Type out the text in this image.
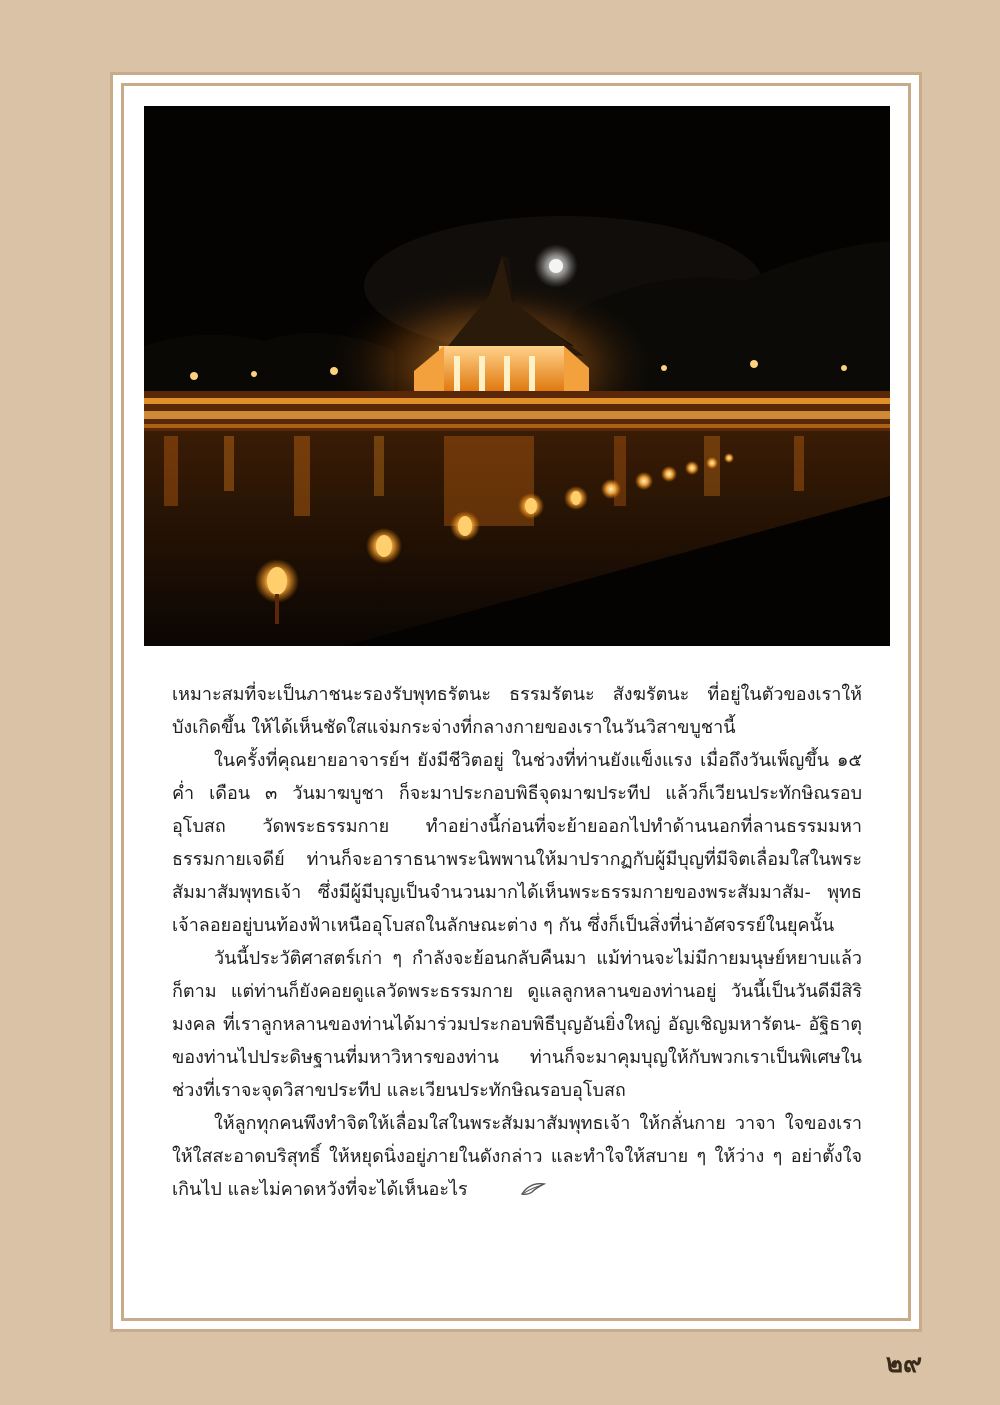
เหมาะสมที่จะเป็นภาชนะรองรับพุทธรัตนะ ธรรมรัตนะ สังฆรัตนะ ที่อยู่ในตัวของเราให้บังเกิดขึ้น ให้ได้เห็นชัดใสแจ่มกระจ่างที่กลางกายของเราในวันวิสาขบูชานี้

ในครั้งที่คุณยายอาจารย์ฯ ยังมีชีวิตอยู่ ในช่วงที่ท่านยังแข็งแรง เมื่อถึงวันเพ็ญขึ้น ๑๕ ค่ำ เดือน ๓ วันมาฆบูชา ก็จะมาประกอบพิธีจุดมาฆประทีป แล้วก็เวียนประทักษิณรอบอุโบสถ วัดพระธรรมกาย ทำอย่างนี้ก่อนที่จะย้ายออกไปทำด้านนอกที่ลานธรรมมหาธรรมกายเจดีย์ ท่านก็จะอาราธนาพระนิพพานให้มาปรากฏกับผู้มีบุญที่มีจิตเลื่อมใสในพระสัมมาสัมพุทธเจ้า ซึ่งมีผู้มีบุญเป็นจำนวนมากได้เห็นพระธรรมกายของพระสัมมาสัม- พุทธเจ้าลอยอยู่บนท้องฟ้าเหนืออุโบสถในลักษณะต่าง ๆ กัน ซึ่งก็เป็นสิ่งที่น่าอัศจรรย์ในยุคนั้น

วันนี้ประวัติศาสตร์เก่า ๆ กำลังจะย้อนกลับคืนมา แม้ท่านจะไม่มีกายมนุษย์หยาบแล้วก็ตาม แต่ท่านก็ยังคอยดูแลวัดพระธรรมกาย ดูแลลูกหลานของท่านอยู่ วันนี้เป็นวันดีมีสิริมงคล ที่เราลูกหลานของท่านได้มาร่วมประกอบพิธีบุญอันยิ่งใหญ่ อัญเชิญมหารัตน- อัฐิธาตุของท่านไปประดิษฐานที่มหาวิหารของท่าน ท่านก็จะมาคุมบุญให้กับพวกเราเป็นพิเศษในช่วงที่เราจะจุดวิสาขประทีป และเวียนประทักษิณรอบอุโบสถ

ให้ลูกทุกคนพึงทำจิตให้เลื่อมใสในพระสัมมาสัมพุทธเจ้า ให้กลั่นกาย วาจา ใจของเราให้ใสสะอาดบริสุทธิ์ ให้หยุดนิ่งอยู่ภายในดังกล่าว และทำใจให้สบาย ๆ ให้ว่าง ๆ อย่าตั้งใจเกินไป และไม่คาดหวังที่จะได้เห็นอะไร

๒๙
